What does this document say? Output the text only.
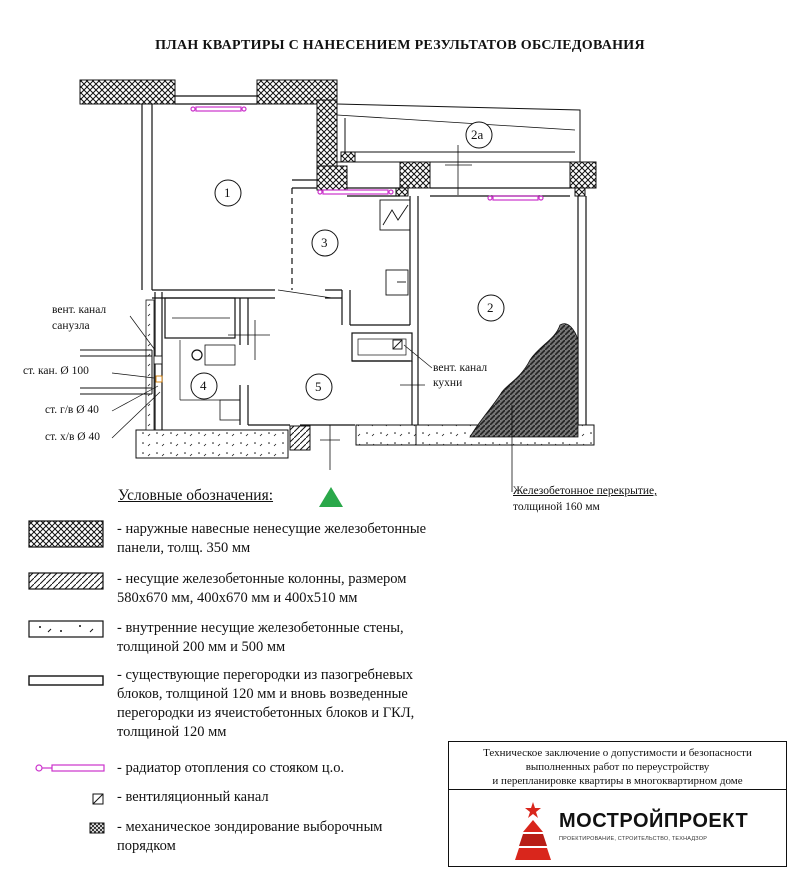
ПЛАН КВАРТИРЫ С НАНЕСЕНИЕМ РЕЗУЛЬТАТОВ ОБСЛЕДОВАНИЯ
1
2
2а
3
4	5
вент. канал
санузла
ст. кан. Ø 100
ст. г/в Ø 40
ст. х/в Ø 40
вент. канал
кухни
Железобетонное перекрытие,
толщиной 160 мм
Условные обозначения:
- наружные навесные ненесущие железобетонные
панели, толщ. 350 мм
- несущие железобетонные колонны, размером
580х670 мм, 400х670 мм и 400х510 мм
- внутренние несущие железобетонные стены,
толщиной 200 мм и 500 мм
- существующие перегородки из пазогребневых
блоков, толщиной 120 мм и вновь возведенные
перегородки из ячеистобетонных блоков и ГКЛ,
толщиной 120 мм
- радиатор отопления со стояком ц.о.
- вентиляционный канал
- механическое зондирование выборочным
порядком
Техническое заключение о допустимости и безопасности
выполненных работ по переустройству
и перепланировке квартиры в многоквартирном доме
МОСТРОЙПРОЕКТ
ПРОЕКТИРОВАНИЕ, СТРОИТЕЛЬСТВО, ТЕХНАДЗОР
